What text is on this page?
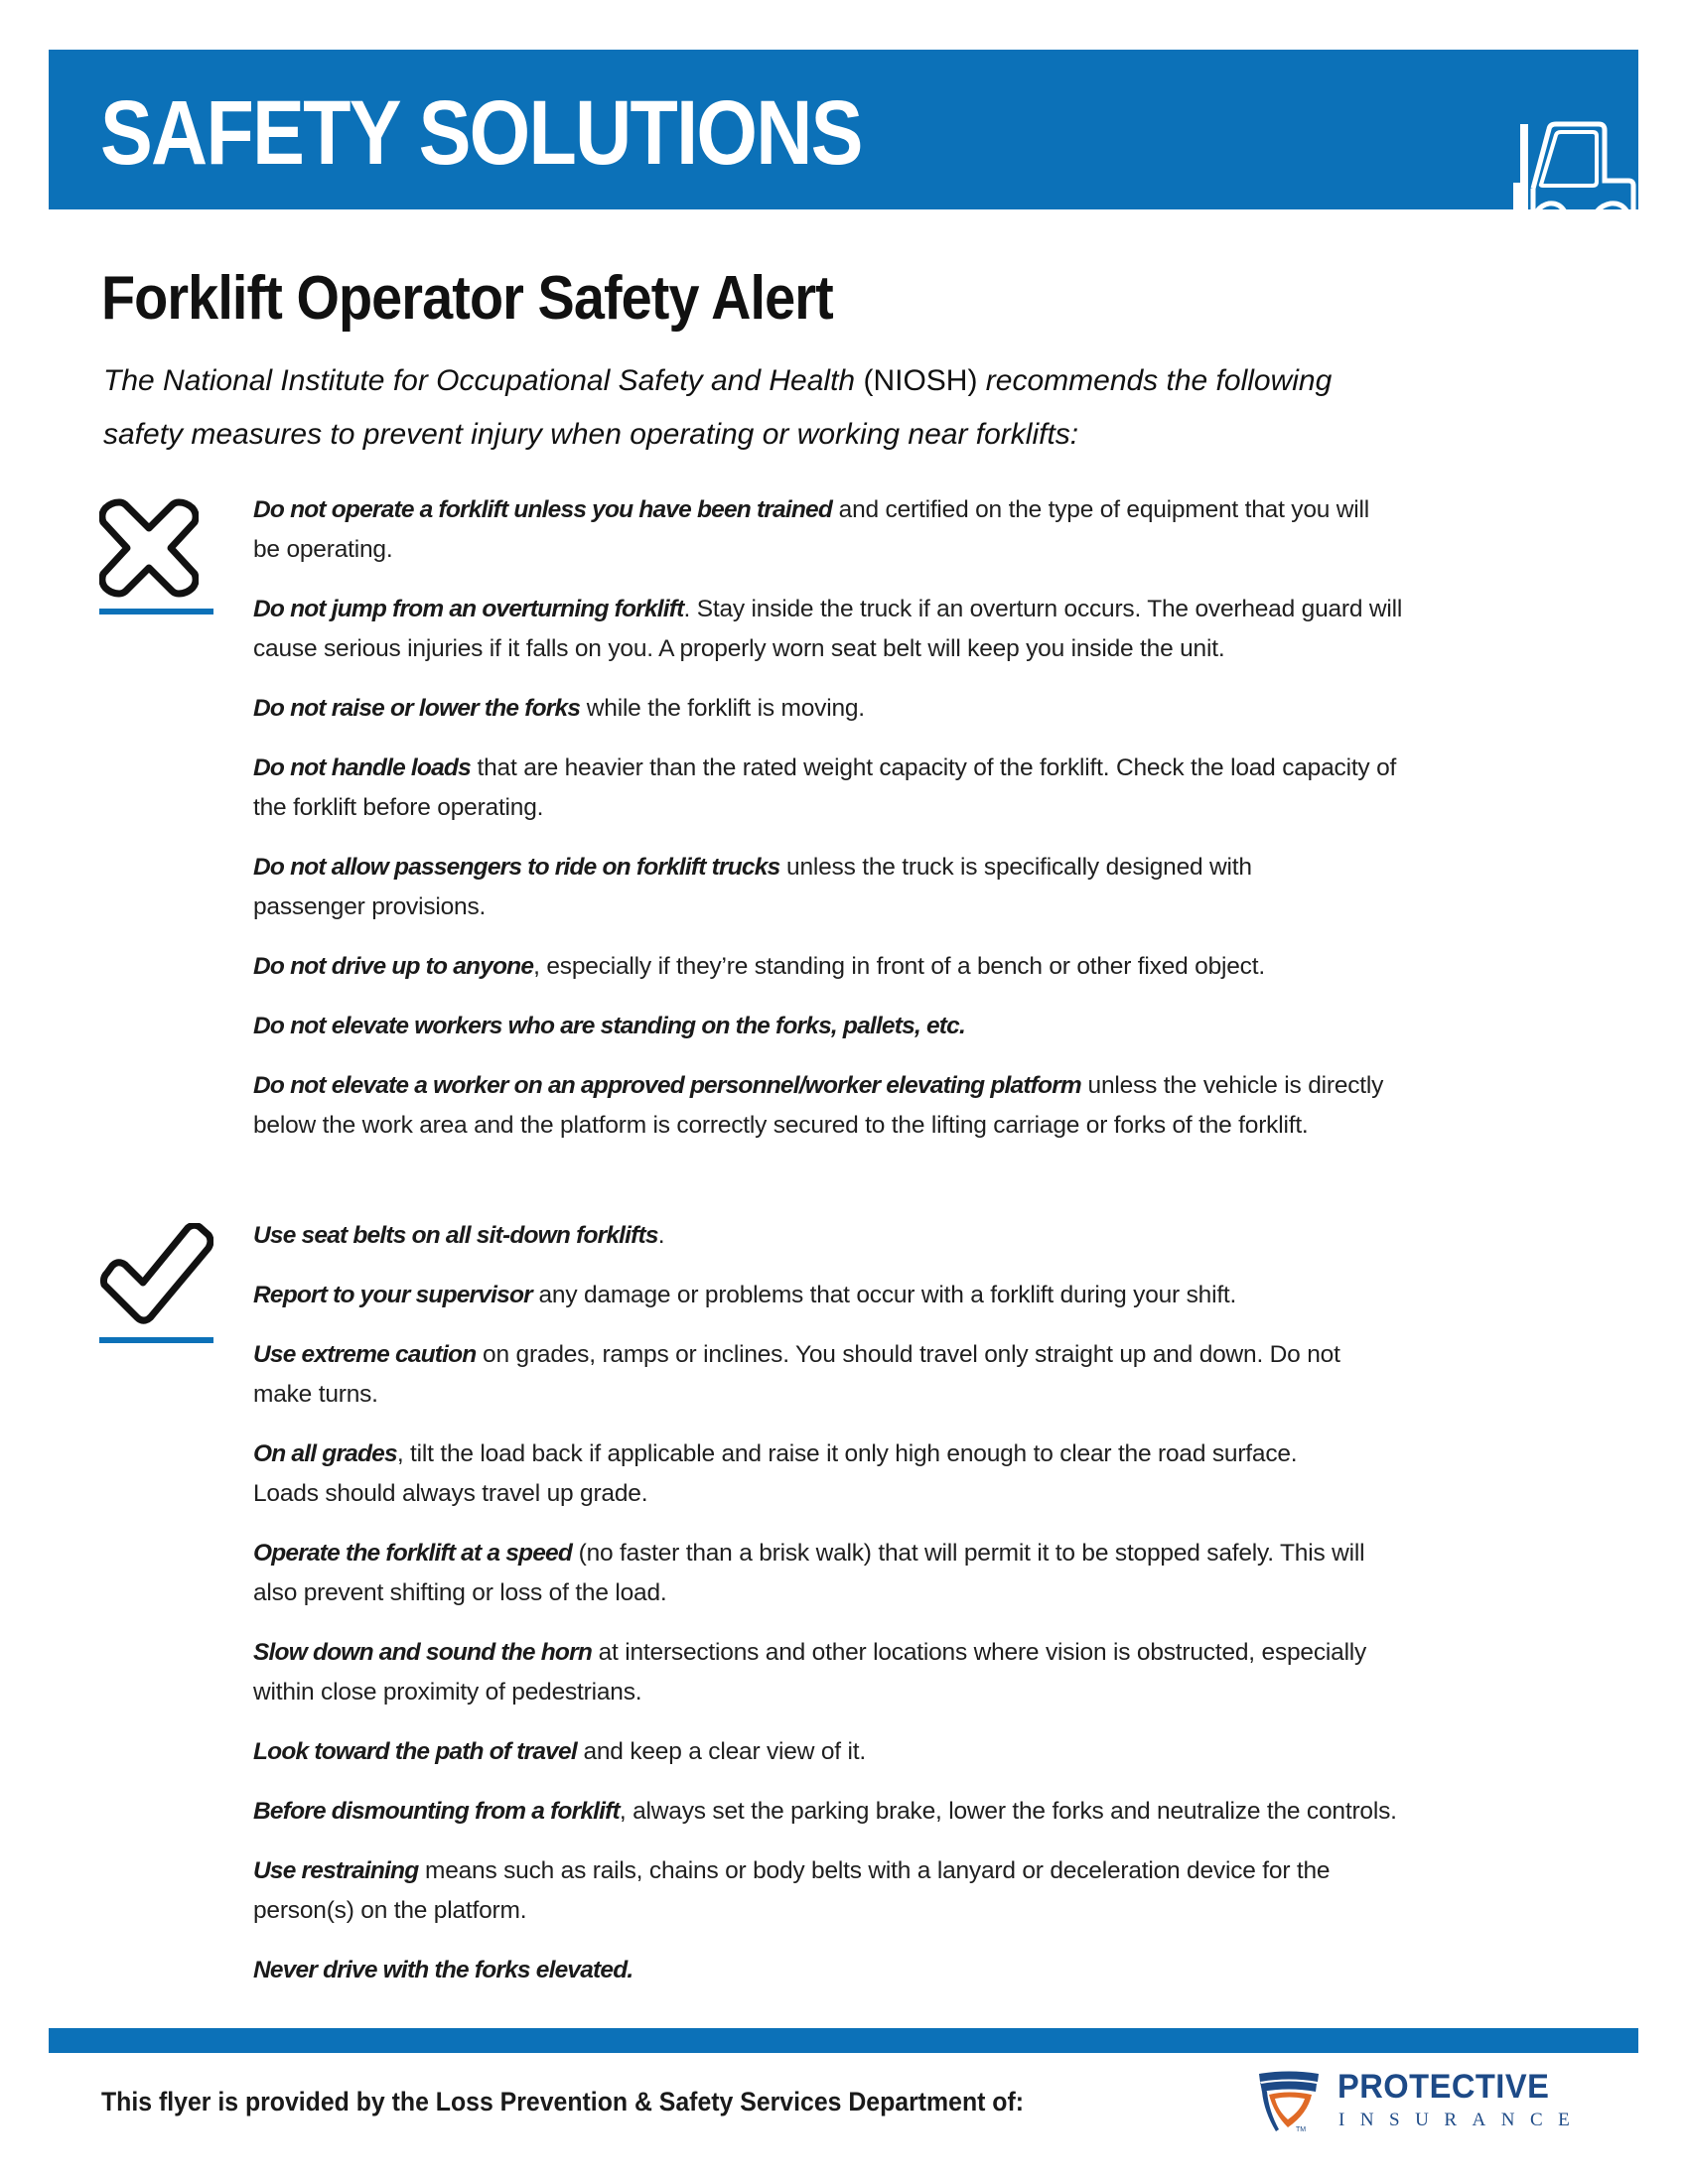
SAFETY SOLUTIONS
Forklift Operator Safety Alert
The National Institute for Occupational Safety and Health (NIOSH) recommends the following
safety measures to prevent injury when operating or working near forklifts:
Do not operate a forklift unless you have been trained and certified on the type of equipment that you will
be operating.
Do not jump from an overturning forklift. Stay inside the truck if an overturn occurs. The overhead guard will
cause serious injuries if it falls on you. A properly worn seat belt will keep you inside the unit.
Do not raise or lower the forks while the forklift is moving.
Do not handle loads that are heavier than the rated weight capacity of the forklift. Check the load capacity of
the forklift before operating.
Do not allow passengers to ride on forklift trucks unless the truck is specifically designed with
passenger provisions.
Do not drive up to anyone, especially if they’re standing in front of a bench or other fixed object.
Do not elevate workers who are standing on the forks, pallets, etc.
Do not elevate a worker on an approved personnel/worker elevating platform unless the vehicle is directly
below the work area and the platform is correctly secured to the lifting carriage or forks of the forklift.
Use seat belts on all sit-down forklifts.
Report to your supervisor any damage or problems that occur with a forklift during your shift.
Use extreme caution on grades, ramps or inclines. You should travel only straight up and down. Do not
make turns.
On all grades, tilt the load back if applicable and raise it only high enough to clear the road surface.
Loads should always travel up grade.
Operate the forklift at a speed (no faster than a brisk walk) that will permit it to be stopped safely. This will
also prevent shifting or loss of the load.
Slow down and sound the horn at intersections and other locations where vision is obstructed, especially
within close proximity of pedestrians.
Look toward the path of travel and keep a clear view of it.
Before dismounting from a forklift, always set the parking brake, lower the forks and neutralize the controls.
Use restraining means such as rails, chains or body belts with a lanyard or deceleration device for the
person(s) on the platform.
Never drive with the forks elevated.
This flyer is provided by the Loss Prevention & Safety Services Department of:	PROTECTIVE
INSURANCE
TM
